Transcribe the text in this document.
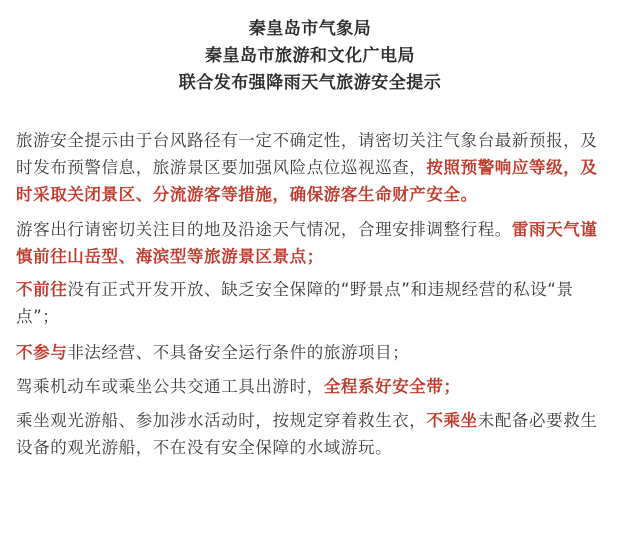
秦皇岛市气象局
秦皇岛市旅游和文化广电局
联合发布强降雨天气旅游安全提示

旅游安全提示由于台风路径有一定不确定性，请密切关注气象台最新预报，及时发布预警信息，旅游景区要加强风险点位巡视巡查，按照预警响应等级，及时采取关闭景区、分流游客等措施，确保游客生命财产安全。

游客出行请密切关注目的地及沿途天气情况，合理安排调整行程。雷雨天气谨慎前往山岳型、海滨型等旅游景区景点；

不前往没有正式开发开放、缺乏安全保障的“野景点”和违规经营的私设“景点”；

不参与非法经营、不具备安全运行条件的旅游项目；

驾乘机动车或乘坐公共交通工具出游时，全程系好安全带；

乘坐观光游船、参加涉水活动时，按规定穿着救生衣，不乘坐未配备必要救生设备的观光游船，不在没有安全保障的水域游玩。
